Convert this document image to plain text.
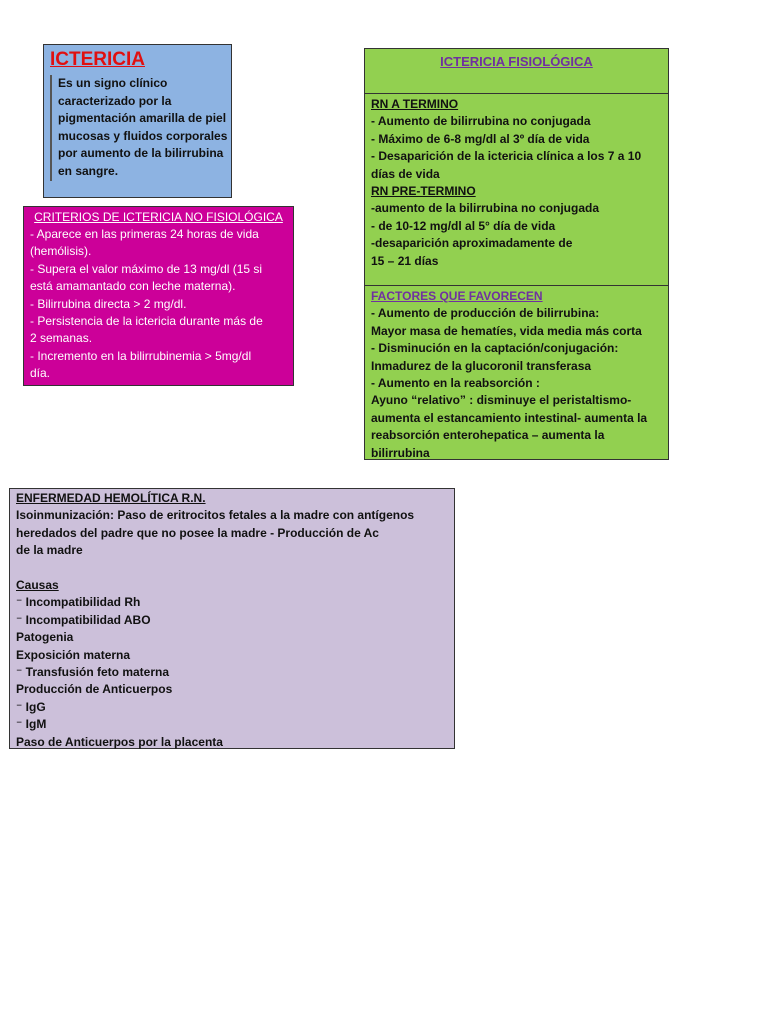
ICTERICIA
Es un signo clínico
caracterizado por la
pigmentación amarilla de piel
mucosas y fluidos corporales
por aumento de la bilirrubina
en sangre.
CRITERIOS DE ICTERICIA NO FISIOLÓGICA
- Aparece en las primeras 24 horas de vida
(hemólisis).
- Supera el valor máximo de 13 mg/dl (15 si
está amamantado con leche materna).
- Bilirrubina directa > 2 mg/dl.
- Persistencia de la ictericia durante más de
2 semanas.
- Incremento en la bilirrubinemia > 5mg/dl
día.
ICTERICIA FISIOLÓGICA
RN A TERMINO
- Aumento de bilirrubina no conjugada
- Máximo de 6-8 mg/dl al 3º día de vida
- Desaparición de la ictericia clínica a los 7 a 10
días de vida
RN PRE-TERMINO
-aumento de la bilirrubina no conjugada
- de 10-12 mg/dl al 5° día de vida
-desaparición aproximadamente de
15 – 21 días
FACTORES QUE FAVORECEN
- Aumento de producción de bilirrubina:
Mayor masa de hematíes, vida media más corta
- Disminución en la captación/conjugación:
Inmadurez de la glucoronil transferasa
- Aumento en la reabsorción :
Ayuno “relativo” : disminuye el peristaltismo-
aumenta el estancamiento intestinal- aumenta la
reabsorción enterohepatica – aumenta la
bilirrubina
ENFERMEDAD HEMOLÍTICA R.N.
Isoinmunización: Paso de eritrocitos fetales a la madre con antígenos
heredados del padre que no posee la madre - Producción de Ac
de la madre
Causas
⁻ Incompatibilidad Rh
⁻ Incompatibilidad ABO
Patogenia
Exposición materna
⁻ Transfusión feto materna
Producción de Anticuerpos
⁻ IgG
⁻ IgM
Paso de Anticuerpos por la placenta
